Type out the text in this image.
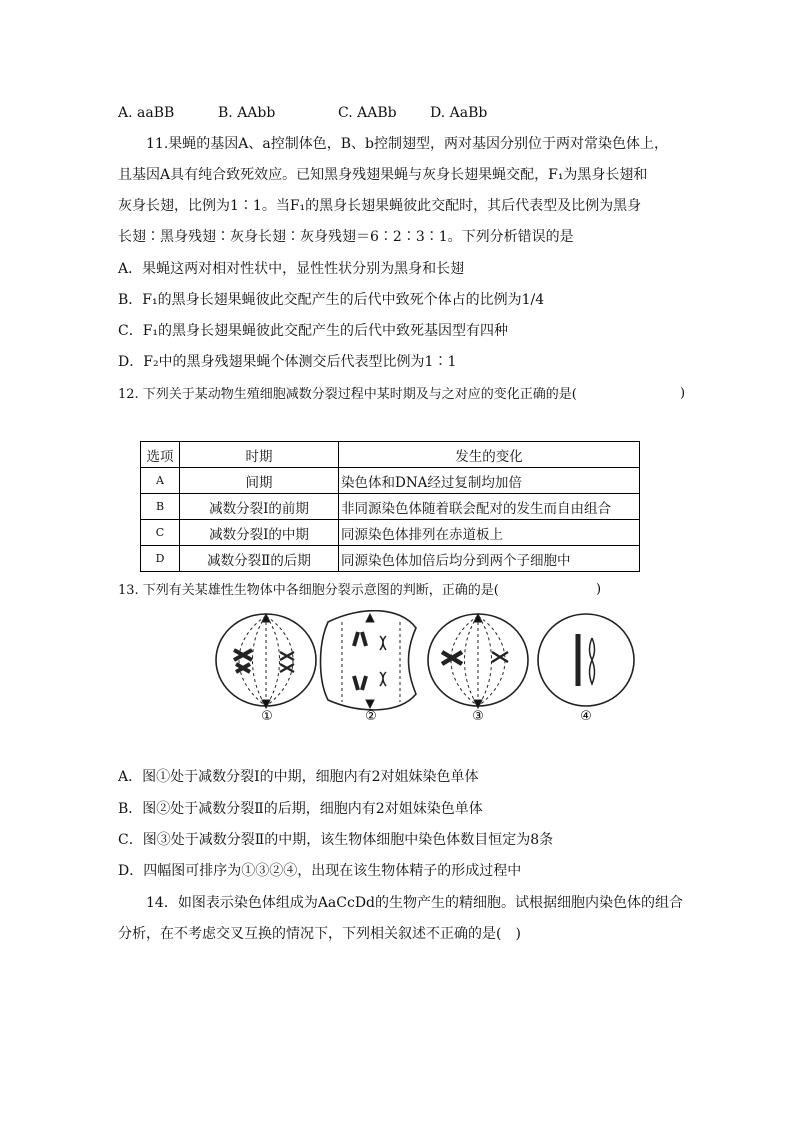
A. aaBB	B. AAbb	C. AABb	D. AaBb
11.果蝇的基因A、a控制体色，B、b控制翅型，两对基因分别位于两对常染色体上，
且基因A具有纯合致死效应。已知黑身残翅果蝇与灰身长翅果蝇交配，F₁为黑身长翅和
灰身长翅，比例为1∶1。当F₁的黑身长翅果蝇彼此交配时，其后代表型及比例为黑身
长翅∶黑身残翅∶灰身长翅∶灰身残翅＝6∶2∶3∶1。下列分析错误的是
A．果蝇这两对相对性状中，显性性状分别为黑身和长翅
B．F₁的黑身长翅果蝇彼此交配产生的后代中致死个体占的比例为1/4
C．F₁的黑身长翅果蝇彼此交配产生的后代中致死基因型有四种
D．F₂中的黑身残翅果蝇个体测交后代表型比例为1∶1
12. 下列关于某动物生殖细胞减数分裂过程中某时期及与之对应的变化正确的是(	)
选项	时期	发生的变化
A	间期	染色体和DNA经过复制均加倍
B	减数分裂Ⅰ的前期	非同源染色体随着联会配对的发生而自由组合
C	减数分裂Ⅰ的中期	同源染色体排列在赤道板上
D	减数分裂Ⅱ的后期	同源染色体加倍后均分到两个子细胞中
13. 下列有关某雄性生物体中各细胞分裂示意图的判断，正确的是(	)
①	②	③	④
A．图①处于减数分裂Ⅰ的中期，细胞内有2对姐妹染色单体
B．图②处于减数分裂Ⅱ的后期，细胞内有2对姐妹染色单体
C．图③处于减数分裂Ⅱ的中期，该生物体细胞中染色体数目恒定为8条
D．四幅图可排序为①③②④，出现在该生物体精子的形成过程中
14．如图表示染色体组成为AaCcDd的生物产生的精细胞。试根据细胞内染色体的组合
分析，在不考虑交叉互换的情况下，下列相关叙述不正确的是(　)
